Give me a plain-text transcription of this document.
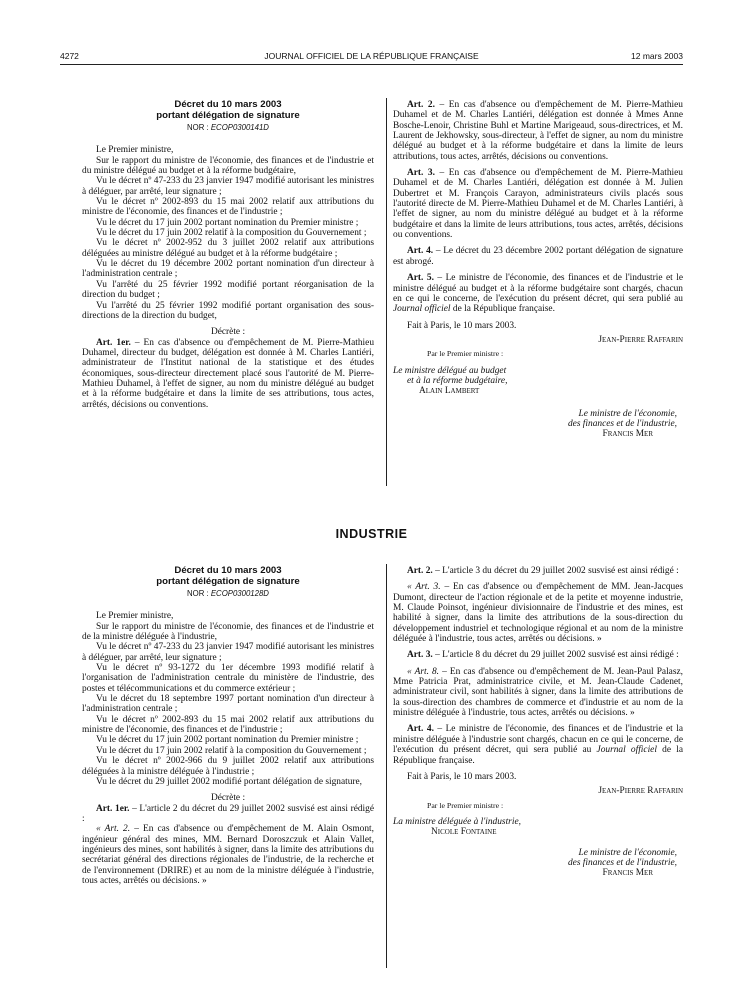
4272	JOURNAL OFFICIEL DE LA RÉPUBLIQUE FRANÇAISE	12 mars 2003
Décret du 10 mars 2003
portant délégation de signature
NOR : ECOP0300141D

Le Premier ministre,

Sur le rapport du ministre de l'économie, des finances et de l'industrie et du ministre délégué au budget et à la réforme budgétaire,

Vu le décret nº 47-233 du 23 janvier 1947 modifié autorisant les ministres à déléguer, par arrêté, leur signature ;

Vu le décret nº 2002-893 du 15 mai 2002 relatif aux attributions du ministre de l'économie, des finances et de l'industrie ;

Vu le décret du 17 juin 2002 portant nomination du Premier ministre ;

Vu le décret du 17 juin 2002 relatif à la composition du Gouvernement ;

Vu le décret nº 2002-952 du 3 juillet 2002 relatif aux attributions déléguées au ministre délégué au budget et à la réforme budgétaire ;

Vu le décret du 19 décembre 2002 portant nomination d'un directeur à l'administration centrale ;

Vu l'arrêté du 25 février 1992 modifié portant réorganisation de la direction du budget ;

Vu l'arrêté du 25 février 1992 modifié portant organisation des sous-directions de la direction du budget,

Décrète :

Art. 1er. – En cas d'absence ou d'empêchement de M. Pierre-Mathieu Duhamel, directeur du budget, délégation est donnée à M. Charles Lantiéri, administrateur de l'Institut national de la statistique et des études économiques, sous-directeur directement placé sous l'autorité de M. Pierre-Mathieu Duhamel, à l'effet de signer, au nom du ministre délégué au budget et à la réforme budgétaire et dans la limite de ses attributions, tous actes, arrêtés, décisions ou conventions.

Art. 2. – En cas d'absence ou d'empêchement de M. Pierre-Mathieu Duhamel et de M. Charles Lantiéri, délégation est donnée à Mmes Anne Bosche-Lenoir, Christine Buhl et Martine Marigeaud, sous-directrices, et M. Laurent de Jekhowsky, sous-directeur, à l'effet de signer, au nom du ministre délégué au budget et à la réforme budgétaire et dans la limite de leurs attributions, tous actes, arrêtés, décisions ou conventions.

Art. 3. – En cas d'absence ou d'empêchement de M. Pierre-Mathieu Duhamel et de M. Charles Lantiéri, délégation est donnée à M. Julien Dubertret et M. François Carayon, administrateurs civils placés sous l'autorité directe de M. Pierre-Mathieu Duhamel et de M. Charles Lantiéri, à l'effet de signer, au nom du ministre délégué au budget et à la réforme budgétaire et dans la limite de leurs attributions, tous actes, arrêtés, décisions ou conventions.

Art. 4. – Le décret du 23 décembre 2002 portant délégation de signature est abrogé.

Art. 5. – Le ministre de l'économie, des finances et de l'industrie et le ministre délégué au budget et à la réforme budgétaire sont chargés, chacun en ce qui le concerne, de l'exécution du présent décret, qui sera publié au Journal officiel de la République française.

Fait à Paris, le 10 mars 2003.

Jean-Pierre Raffarin

Par le Premier ministre :

Le ministre délégué au budget

et à la réforme budgétaire,

Alain Lambert

Le ministre de l'économie,

des finances et de l'industrie,

Francis Mer

INDUSTRIE
Décret du 10 mars 2003
portant délégation de signature
NOR : ECOP0300128D

Le Premier ministre,

Sur le rapport du ministre de l'économie, des finances et de l'industrie et de la ministre déléguée à l'industrie,

Vu le décret nº 47-233 du 23 janvier 1947 modifié autorisant les ministres à déléguer, par arrêté, leur signature ;

Vu le décret nº 93-1272 du 1er décembre 1993 modifié relatif à l'organisation de l'administration centrale du ministère de l'industrie, des postes et télécommunications et du commerce extérieur ;

Vu le décret du 18 septembre 1997 portant nomination d'un directeur à l'administration centrale ;

Vu le décret nº 2002-893 du 15 mai 2002 relatif aux attributions du ministre de l'économie, des finances et de l'industrie ;

Vu le décret du 17 juin 2002 portant nomination du Premier ministre ;

Vu le décret du 17 juin 2002 relatif à la composition du Gouvernement ;

Vu le décret nº 2002-966 du 9 juillet 2002 relatif aux attributions déléguées à la ministre déléguée à l'industrie ;

Vu le décret du 29 juillet 2002 modifié portant délégation de signature,

Décrète :

Art. 1er. – L'article 2 du décret du 29 juillet 2002 susvisé est ainsi rédigé :

« Art. 2. – En cas d'absence ou d'empêchement de M. Alain Osmont, ingénieur général des mines, MM. Bernard Doroszczuk et Alain Vallet, ingénieurs des mines, sont habilités à signer, dans la limite des attributions du secrétariat général des directions régionales de l'industrie, de la recherche et de l'environnement (DRIRE) et au nom de la ministre déléguée à l'industrie, tous actes, arrêtés ou décisions. »

Art. 2. – L'article 3 du décret du 29 juillet 2002 susvisé est ainsi rédigé :

« Art. 3. – En cas d'absence ou d'empêchement de MM. Jean-Jacques Dumont, directeur de l'action régionale et de la petite et moyenne industrie, M. Claude Poinsot, ingénieur divisionnaire de l'industrie et des mines, est habilité à signer, dans la limite des attributions de la sous-direction du développement industriel et technologique régional et au nom de la ministre déléguée à l'industrie, tous actes, arrêtés ou décisions. »

Art. 3. – L'article 8 du décret du 29 juillet 2002 susvisé est ainsi rédigé :

« Art. 8. – En cas d'absence ou d'empêchement de M. Jean-Paul Palasz, Mme Patricia Prat, administratrice civile, et M. Jean-Claude Cadenet, administrateur civil, sont habilités à signer, dans la limite des attributions de la sous-direction des chambres de commerce et d'industrie et au nom de la ministre déléguée à l'industrie, tous actes, arrêtés ou décisions. »

Art. 4. – Le ministre de l'économie, des finances et de l'industrie et la ministre déléguée à l'industrie sont chargés, chacun en ce qui le concerne, de l'exécution du présent décret, qui sera publié au Journal officiel de la République française.

Fait à Paris, le 10 mars 2003.

Jean-Pierre Raffarin

Par le Premier ministre :

La ministre déléguée à l'industrie,

Nicole Fontaine

Le ministre de l'économie,

des finances et de l'industrie,

Francis Mer
